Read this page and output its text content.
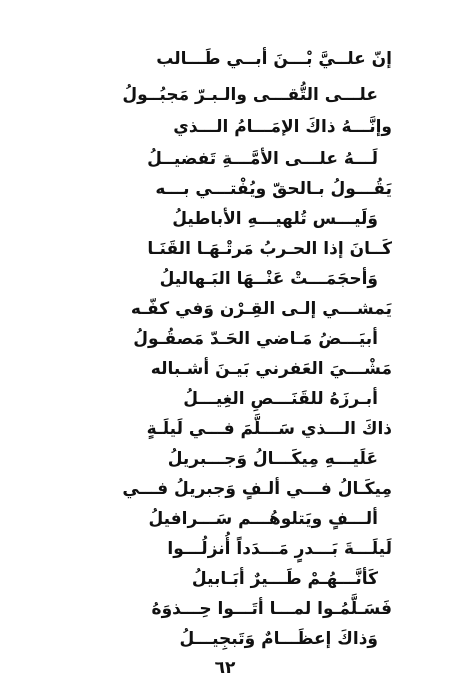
إنّ علــيَّ بْـــنَ أبــي طَـــالب
علـــى التُّقـــى والـبـرّ مَجبُــولُ
وإنَّـــهُ ذاكَ الإمَـــامُ الـــذي
لَـــهُ علـــى الأمَّـــةِ تَفضيــلُ
يَقُـــولُ بـالحقّ ويُفْتـــي بـــه
وَلَيـــس تُلهيـــهِ الأباطيلُ
كَــانَ إذا الحـربُ مَرتْـهَـا القَنَـا
وَأحجَمَـــتْ عَنْــهَا البَـهاليلُ
يَمشـــي إلـى القِـرْن وَفي كفّـه
أبيَـــضُ مَـاضي الحَـدّ مَصقُـولُ
مَشْـــيَ العَفرني بَيـنَ أشـباله
أبـرزَهُ للقَنَـــصِ الغِيـــلُ
ذاكَ الـــذي سَـــلَّمَ فـــي لَيلَـةٍ
عَلَيـــهِ مِيكَـــالُ وَجـــبريلُ
مِيكَـالُ فـــي ألـفٍ وَجبريلُ فـــي
ألـــفٍ ويَتلوهُـــم سَـــرافيلُ
لَيلَـــةَ بَـــدرٍ مَـــدَداً أُنزلُـــوا
كَأنَّـــهُـمْ طَـــيرٌ أبَـابيلُ
فَسَـلَّمُـوا لمـــا أتَـــوا حِـــذوَهُ
وَذاكَ إعظَـــامٌ وَتَبجِيـــلُ
٦٢
